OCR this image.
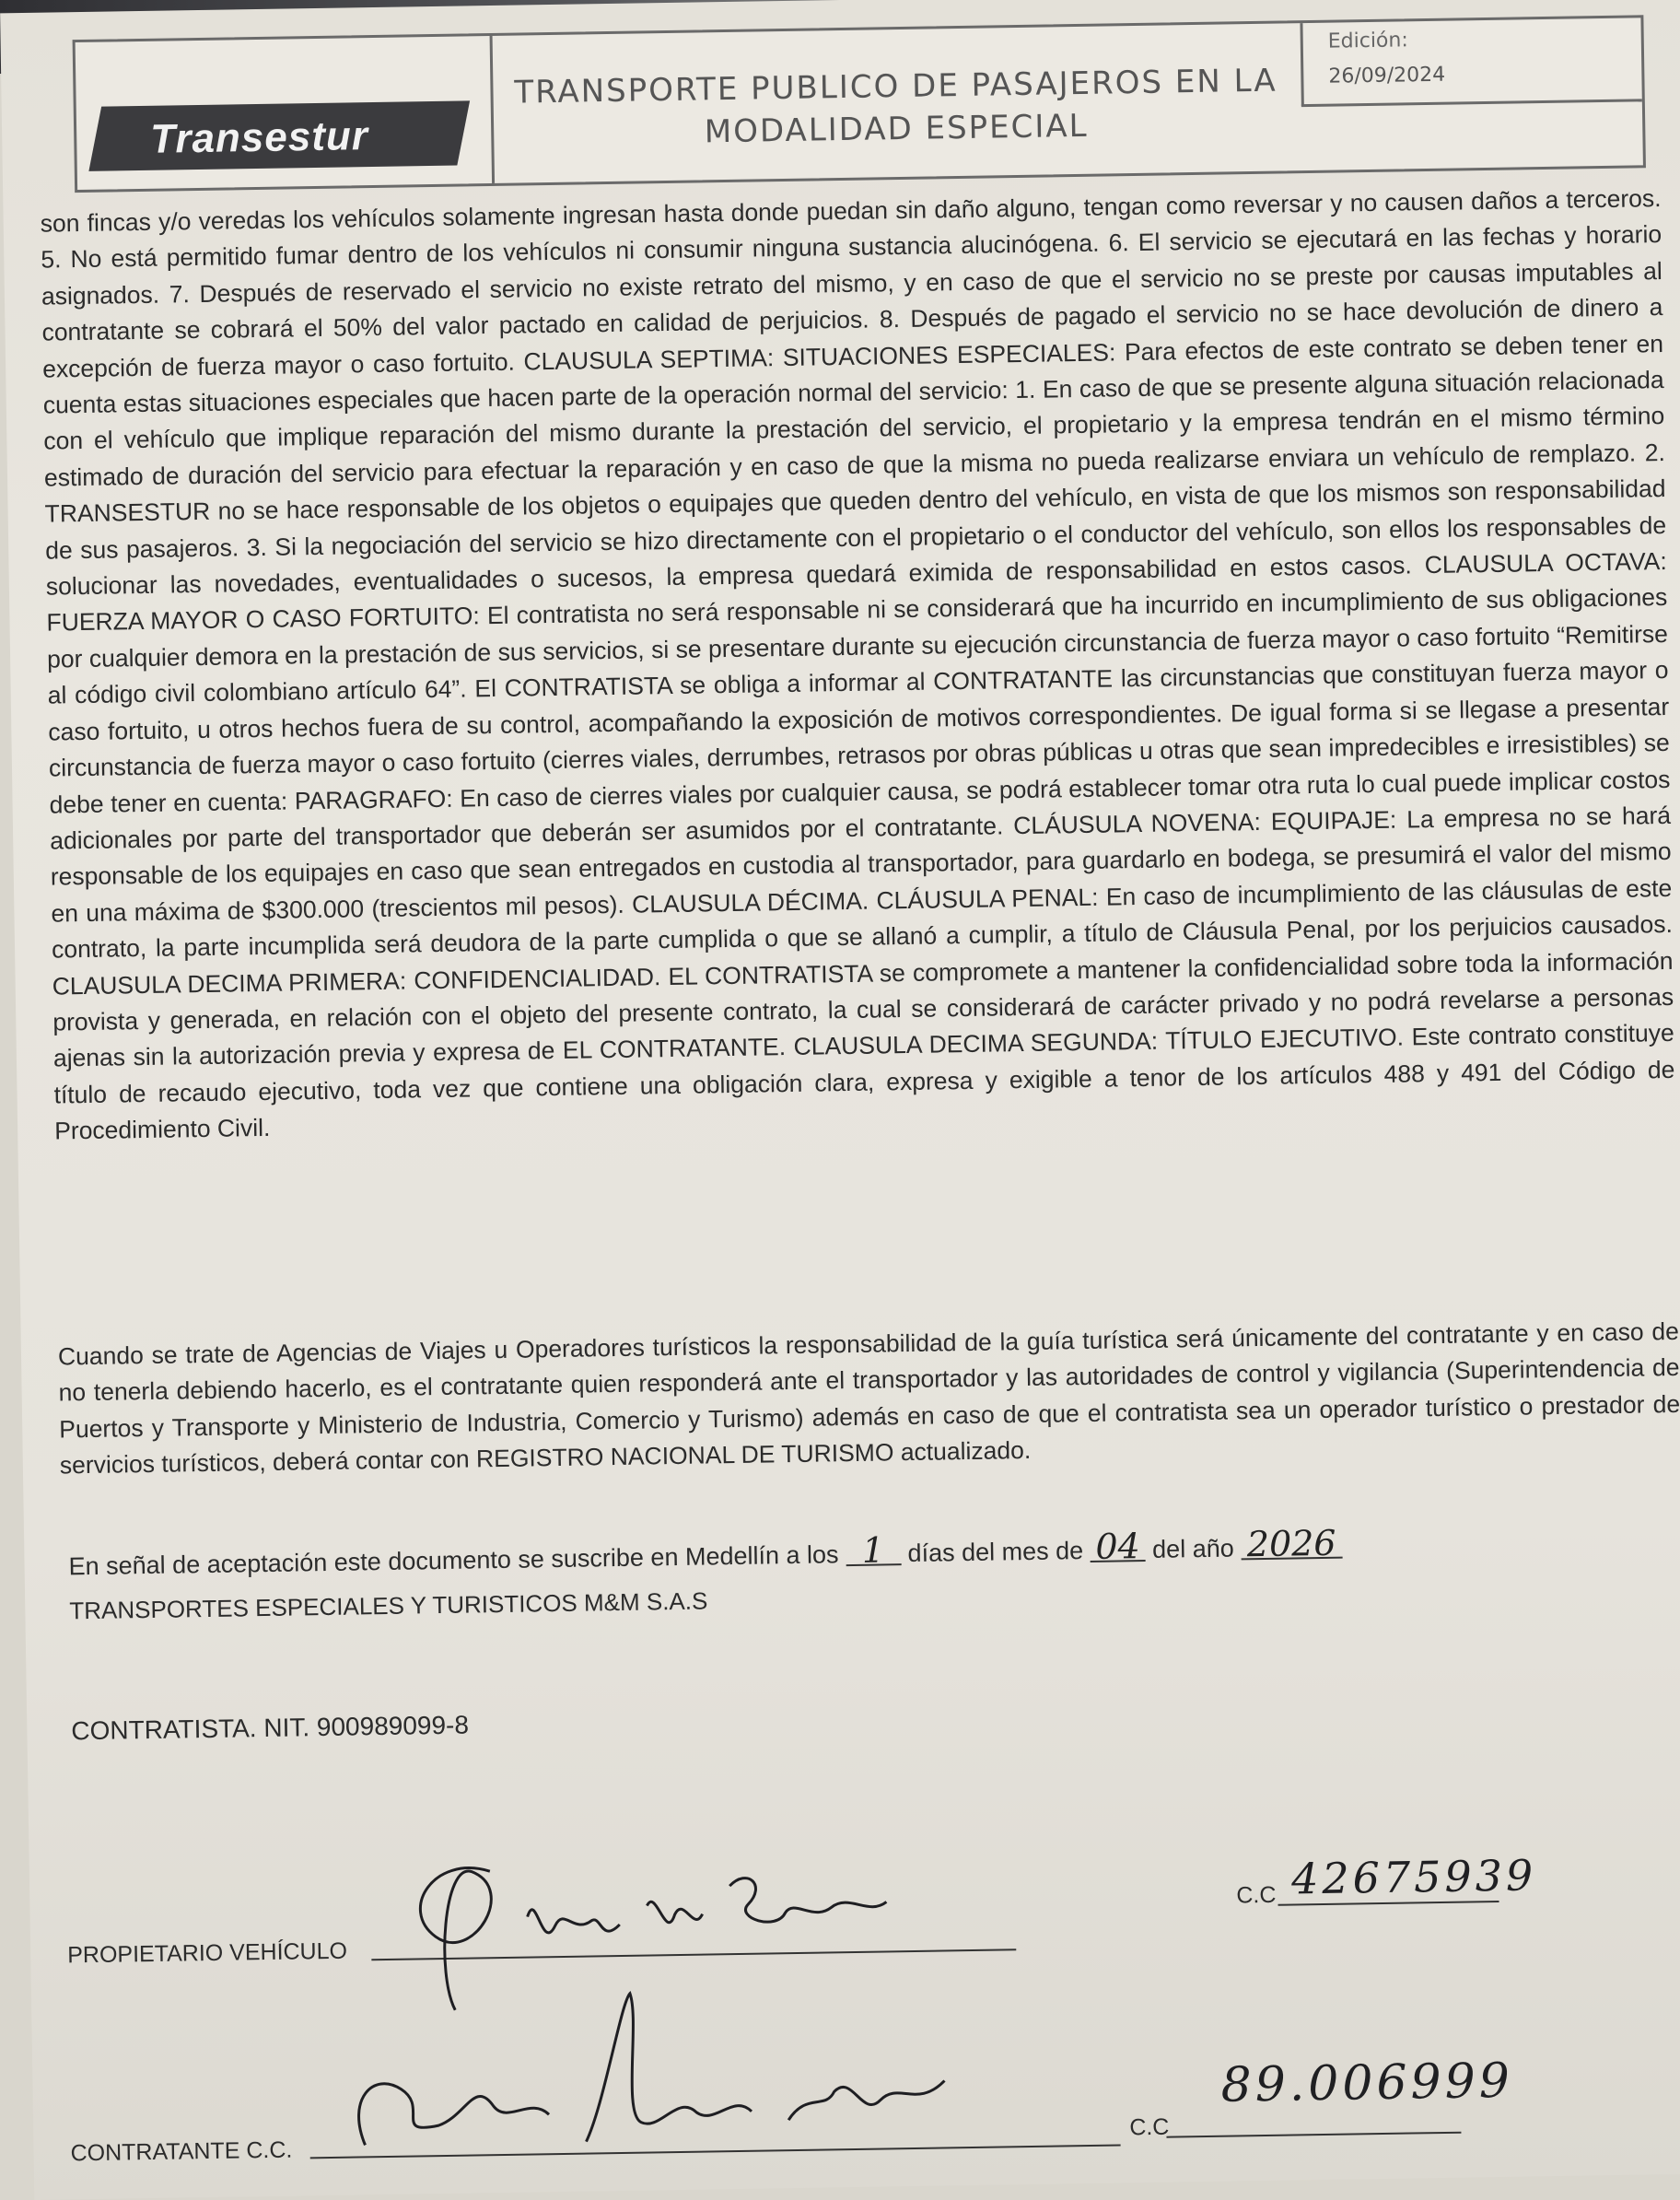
Transestur
TRANSPORTE PUBLICO DE PASAJEROS EN LA
MODALIDAD ESPECIAL
Edición:
26/09/2024

son fincas y/o veredas los vehículos solamente ingresan hasta donde puedan sin daño alguno, tengan como reversar y no causen daños a terceros. 5. No está permitido fumar dentro de los vehículos ni consumir ninguna sustancia alucinógena. 6. El servicio se ejecutará en las fechas y horario asignados. 7. Después de reservado el servicio no existe retrato del mismo, y en caso de que el servicio no se preste por causas imputables al contratante se cobrará el 50% del valor pactado en calidad de perjuicios. 8. Después de pagado el servicio no se hace devolución de dinero a excepción de fuerza mayor o caso fortuito. CLAUSULA SEPTIMA: SITUACIONES ESPECIALES: Para efectos de este contrato se deben tener en cuenta estas situaciones especiales que hacen parte de la operación normal del servicio: 1. En caso de que se presente alguna situación relacionada con el vehículo que implique reparación del mismo durante la prestación del servicio, el propietario y la empresa tendrán en el mismo término estimado de duración del servicio para efectuar la reparación y en caso de que la misma no pueda realizarse enviara un vehículo de remplazo. 2. TRANSESTUR no se hace responsable de los objetos o equipajes que queden dentro del vehículo, en vista de que los mismos son responsabilidad de sus pasajeros. 3. Si la negociación del servicio se hizo directamente con el propietario o el conductor del vehículo, son ellos los responsables de solucionar las novedades, eventualidades o sucesos, la empresa quedará eximida de responsabilidad en estos casos. CLAUSULA OCTAVA: FUERZA MAYOR O CASO FORTUITO: El contratista no será responsable ni se considerará que ha incurrido en incumplimiento de sus obligaciones por cualquier demora en la prestación de sus servicios, si se presentare durante su ejecución circunstancia de fuerza mayor o caso fortuito “Remitirse al código civil colombiano artículo 64”. El CONTRATISTA se obliga a informar al CONTRATANTE las circunstancias que constituyan fuerza mayor o caso fortuito, u otros hechos fuera de su control, acompañando la exposición de motivos correspondientes. De igual forma si se llegase a presentar circunstancia de fuerza mayor o caso fortuito (cierres viales, derrumbes, retrasos por obras públicas u otras que sean impredecibles e irresistibles) se debe tener en cuenta: PARAGRAFO: En caso de cierres viales por cualquier causa, se podrá establecer tomar otra ruta lo cual puede implicar costos adicionales por parte del transportador que deberán ser asumidos por el contratante. CLÁUSULA NOVENA: EQUIPAJE: La empresa no se hará responsable de los equipajes en caso que sean entregados en custodia al transportador, para guardarlo en bodega, se presumirá el valor del mismo en una máxima de $300.000 (trescientos mil pesos). CLAUSULA DÉCIMA. CLÁUSULA PENAL: En caso de incumplimiento de las cláusulas de este contrato, la parte incumplida será deudora de la parte cumplida o que se allanó a cumplir, a título de Cláusula Penal, por los perjuicios causados. CLAUSULA DECIMA PRIMERA: CONFIDENCIALIDAD. EL CONTRATISTA se compromete a mantener la confidencialidad sobre toda la información provista y generada, en relación con el objeto del presente contrato, la cual se considerará de carácter privado y no podrá revelarse a personas ajenas sin la autorización previa y expresa de EL CONTRATANTE. CLAUSULA DECIMA SEGUNDA: TÍTULO EJECUTIVO. Este contrato constituye título de recaudo ejecutivo, toda vez que contiene una obligación clara, expresa y exigible a tenor de los artículos 488 y 491 del Código de Procedimiento Civil.

Cuando se trate de Agencias de Viajes u Operadores turísticos la responsabilidad de la guía turística será únicamente del contratante y en caso de no tenerla debiendo hacerlo, es el contratante quien responderá ante el transportador y las autoridades de control y vigilancia (Superintendencia de Puertos y Transporte y Ministerio de Industria, Comercio y Turismo) además en caso de que el contratista sea un operador turístico o prestador de servicios turísticos, deberá contar con REGISTRO NACIONAL DE TURISMO actualizado.

En señal de aceptación este documento se suscribe en Medellín a los 1 días del mes de 04 del año 2026
TRANSPORTES ESPECIALES Y TURISTICOS M&M S.A.S
CONTRATISTA. NIT. 900989099-8
PROPIETARIO VEHÍCULO
C.C 42675939
CONTRATANTE C.C.
C.C
89.006999
